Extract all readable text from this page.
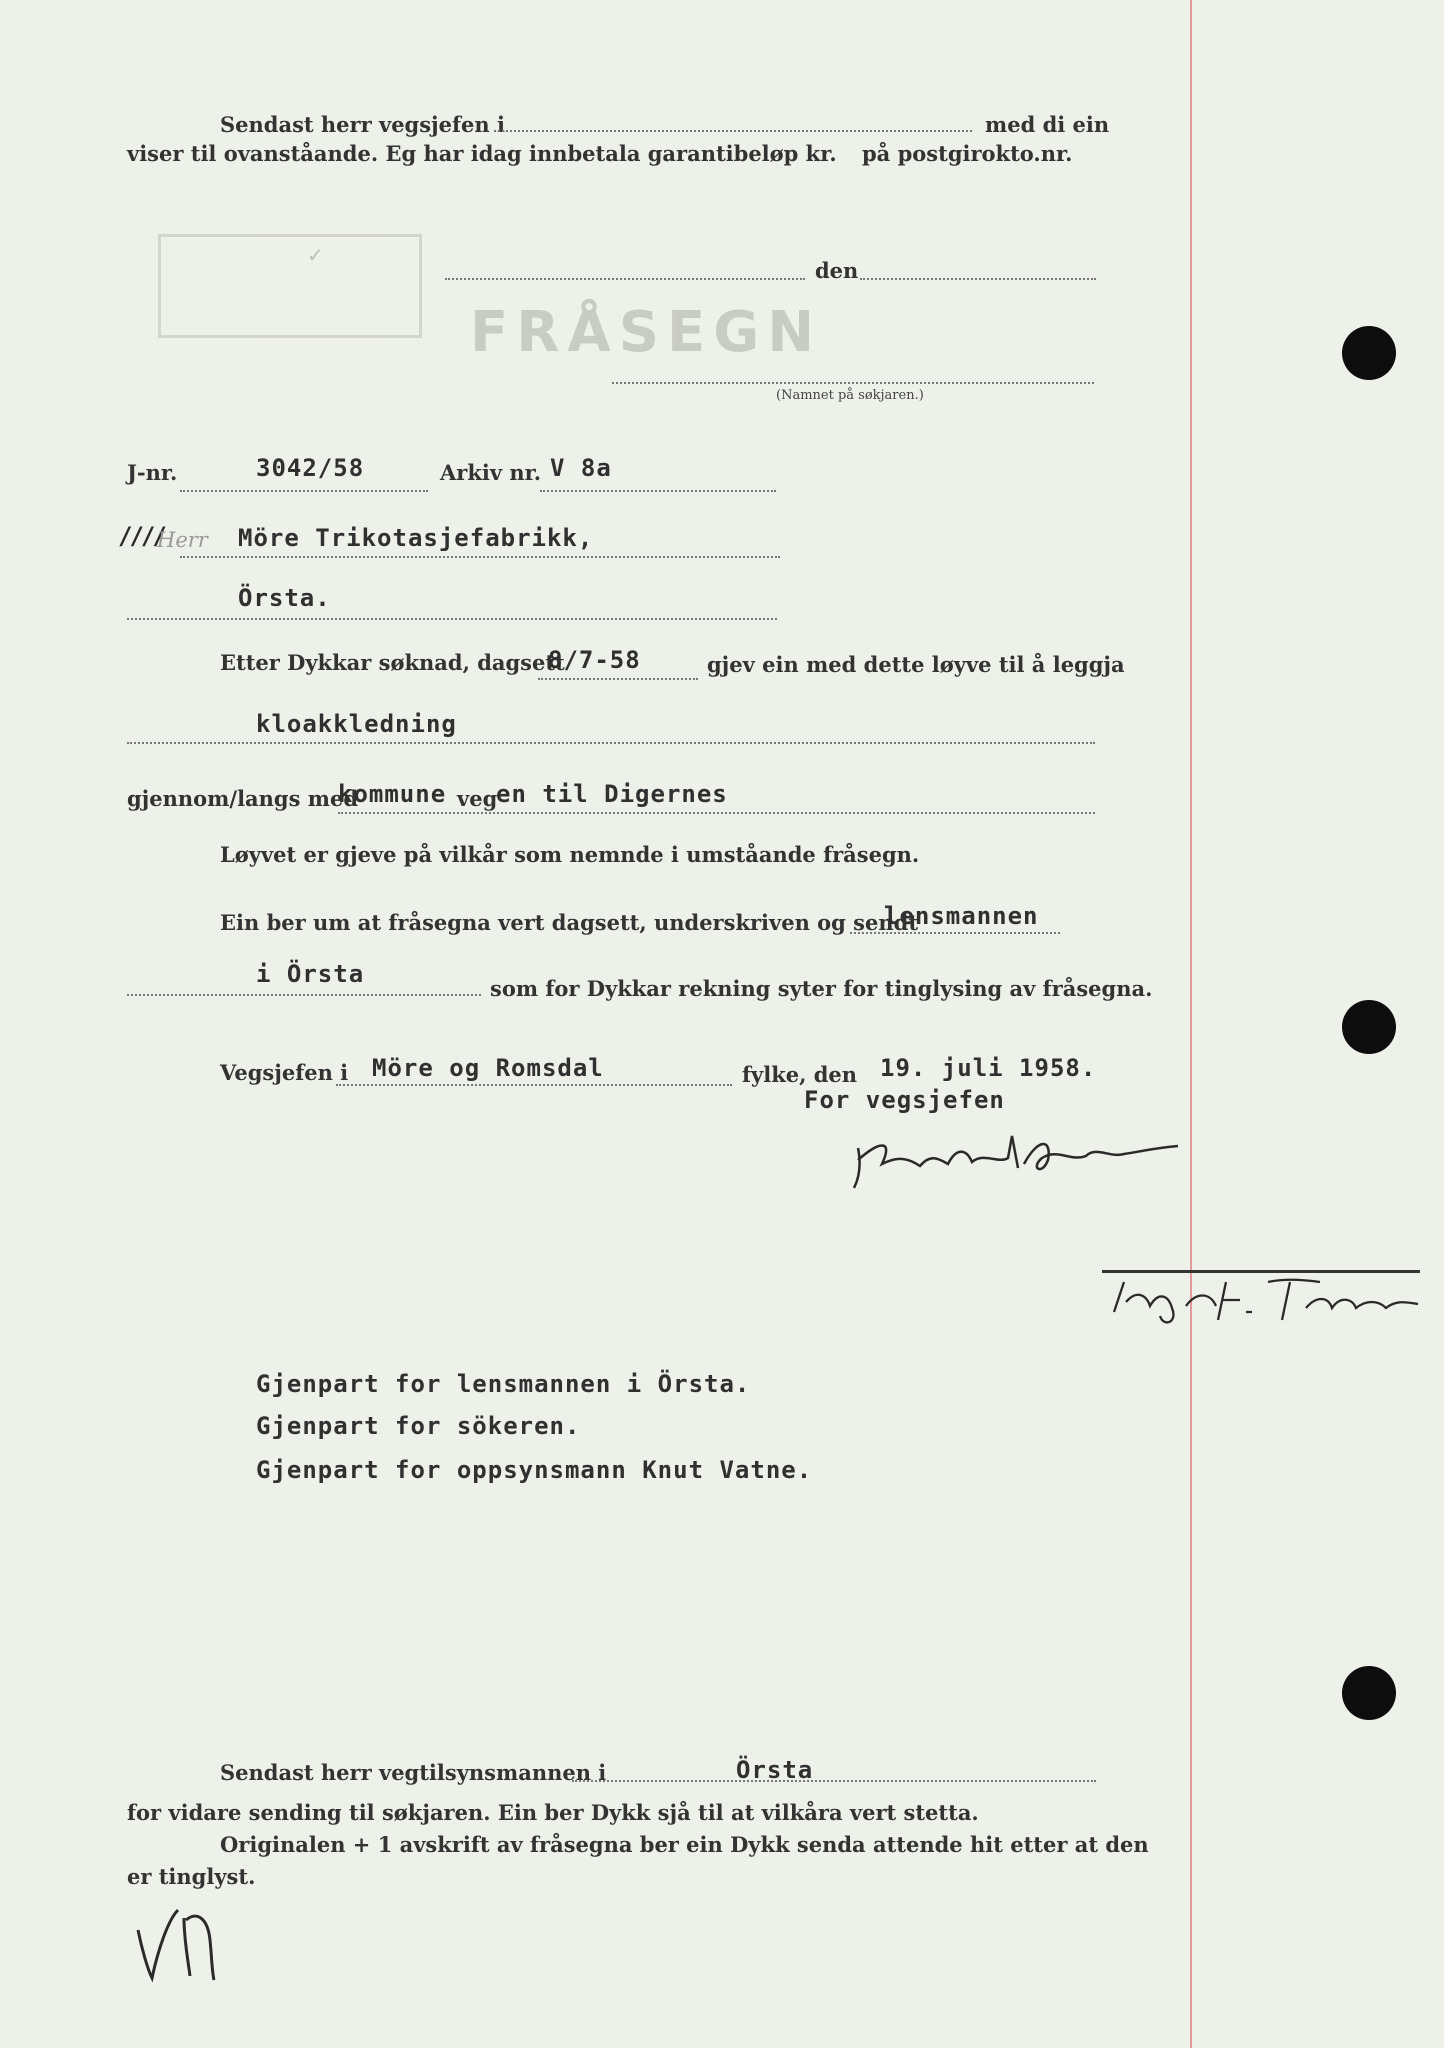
✓
FRÅSEGN
Sendast herr vegsjefen i	med di ein
viser til ovanståande. Eg har idag innbetala garantibeløp kr. på postgirokto.nr.
den
(Namnet på søkjaren.)
J-nr.	3042/58	Arkiv nr. V 8a
////
Herr Möre Trikotasjefabrikk,
Örsta.
Etter Dykkar søknad, dagsett
8/7-58	gjev ein med dette løyve til å leggja
kloakkledning
gjennom/langs med
kommune veg
en til Digernes
Løyvet er gjeve på vilkår som nemnde i umståande fråsegn.
Ein ber um at fråsegna vert dagsett, underskriven og sendt
lensmannen
i Örsta
som for Dykkar rekning syter for tinglysing av fråsegna.
Vegsjefen i Möre og Romsdal	fylke, den 19. juli 1958.
For vegsjefen
Gjenpart for lensmannen i Örsta.
Gjenpart for sökeren.
Gjenpart for oppsynsmann Knut Vatne.
Sendast herr vegtilsynsmannen i	Örsta
for vidare sending til søkjaren. Ein ber Dykk sjå til at vilkåra vert stetta.
Originalen + 1 avskrift av fråsegna ber ein Dykk senda attende hit etter at den
er tinglyst.
